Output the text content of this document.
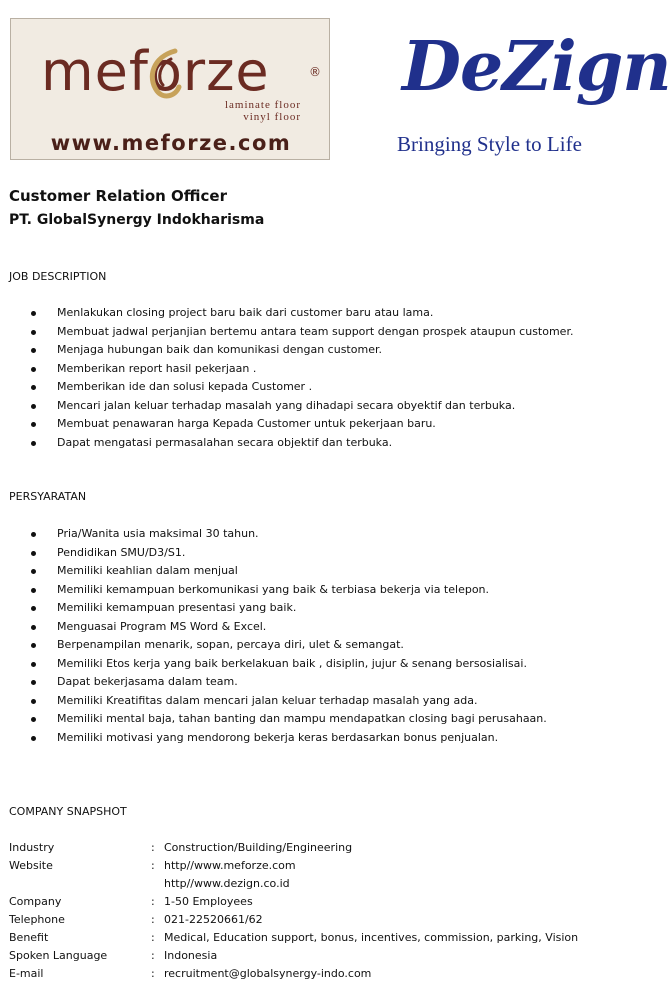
meforze	®
laminate floor
vinyl floor
www.meforze.com
DeZign
Bringing Style to Life
Customer Relation Officer
PT. GlobalSynergy Indokharisma
JOB DESCRIPTION
Menlakukan closing project baru baik dari customer baru atau lama.
Membuat jadwal perjanjian bertemu antara team support dengan prospek ataupun customer.
Menjaga hubungan baik dan komunikasi dengan customer.
Memberikan report hasil pekerjaan .
Memberikan ide dan solusi kepada Customer .
Mencari jalan keluar terhadap masalah yang dihadapi secara obyektif dan terbuka.
Membuat penawaran harga Kepada Customer untuk pekerjaan baru.
Dapat mengatasi permasalahan secara objektif dan terbuka.
PERSYARATAN
Pria/Wanita usia maksimal 30 tahun.
Pendidikan SMU/D3/S1.
Memiliki keahlian dalam menjual
Memiliki kemampuan berkomunikasi yang baik & terbiasa bekerja via telepon.
Memiliki kemampuan presentasi yang baik.
Menguasai Program MS Word & Excel.
Berpenampilan menarik, sopan, percaya diri, ulet & semangat.
Memiliki Etos kerja yang baik berkelakuan baik , disiplin, jujur & senang bersosialisai.
Dapat bekerjasama dalam team.
Memiliki Kreatifitas dalam mencari jalan keluar terhadap masalah yang ada.
Memiliki mental baja, tahan banting dan mampu mendapatkan closing bagi perusahaan.
Memiliki motivasi yang mendorong bekerja keras berdasarkan bonus penjualan.
COMPANY SNAPSHOT
Industry	: Construction/Building/Engineering
Website	: http//www.meforze.com
http//www.dezign.co.id
Company	: 1-50 Employees
Telephone	: 021-22520661/62
Benefit	: Medical, Education support, bonus, incentives, commission, parking, Vision
Spoken Language	: Indonesia
E-mail	: recruitment@globalsynergy-indo.com
